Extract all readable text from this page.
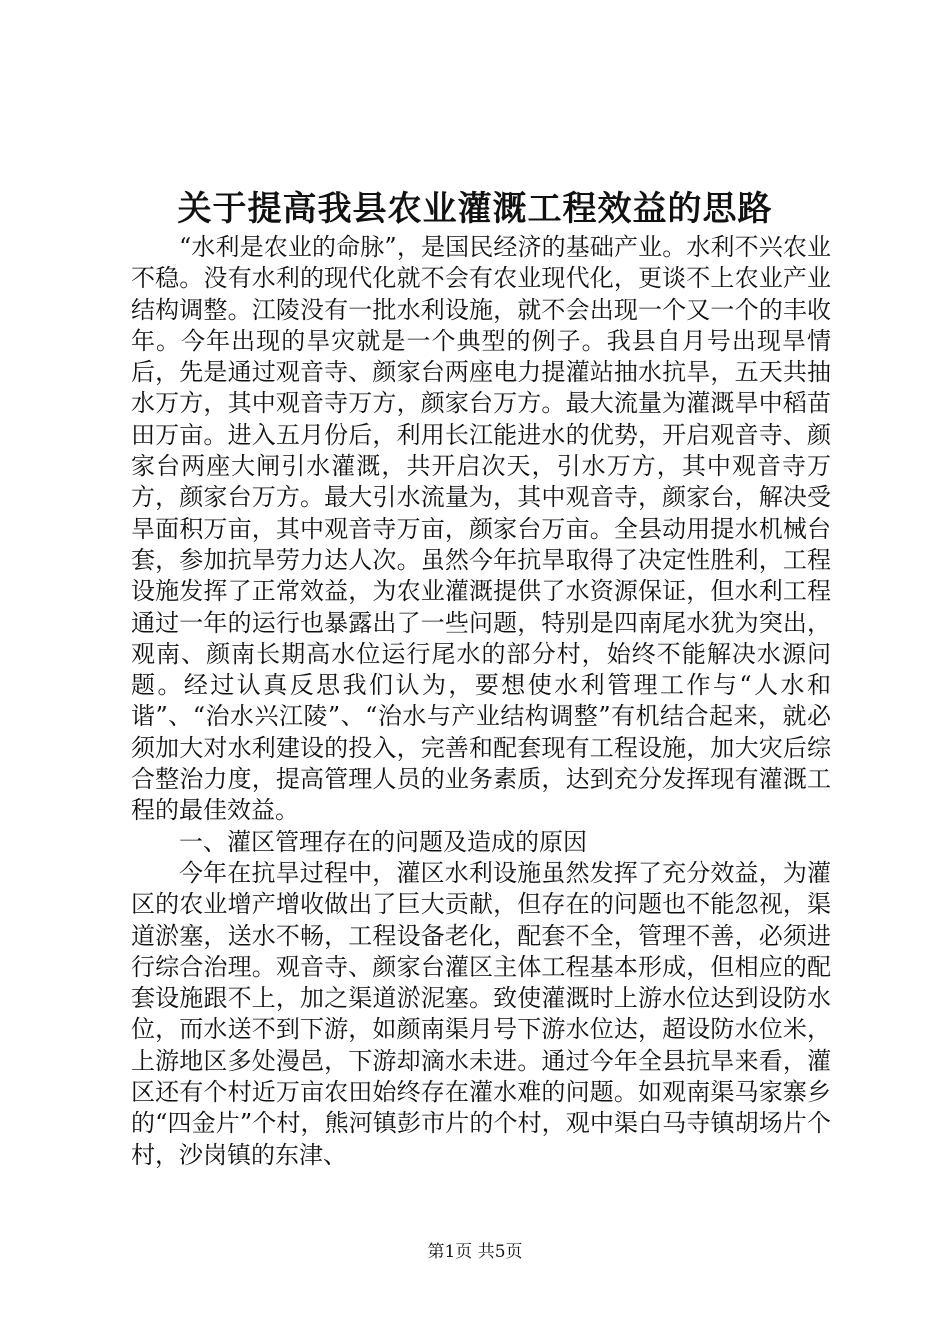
关于提高我县农业灌溉工程效益的思路

“水利是农业的命脉”，是国民经济的基础产业。水利不兴农业不稳。没有水利的现代化就不会有农业现代化，更谈不上农业产业结构调整。江陵没有一批水利设施，就不会出现一个又一个的丰收年。今年出现的旱灾就是一个典型的例子。我县自月号出现旱情后，先是通过观音寺、颜家台两座电力提灌站抽水抗旱，五天共抽水万方，其中观音寺万方，颜家台万方。最大流量为灌溉旱中稻苗田万亩。进入五月份后，利用长江能进水的优势，开启观音寺、颜家台两座大闸引水灌溉，共开启次天，引水万方，其中观音寺万方，颜家台万方。最大引水流量为，其中观音寺，颜家台，解决受旱面积万亩，其中观音寺万亩，颜家台万亩。全县动用提水机械台套，参加抗旱劳力达人次。虽然今年抗旱取得了决定性胜利，工程设施发挥了正常效益，为农业灌溉提供了水资源保证，但水利工程通过一年的运行也暴露出了一些问题，特别是四南尾水犹为突出，观南、颜南长期高水位运行尾水的部分村，始终不能解决水源问题。经过认真反思我们认为，要想使水利管理工作与“人水和谐”、“治水兴江陵”、“治水与产业结构调整”有机结合起来，就必须加大对水利建设的投入，完善和配套现有工程设施，加大灾后综合整治力度，提高管理人员的业务素质，达到充分发挥现有灌溉工程的最佳效益。

一、灌区管理存在的问题及造成的原因

今年在抗旱过程中，灌区水利设施虽然发挥了充分效益，为灌区的农业增产增收做出了巨大贡献，但存在的问题也不能忽视，渠道淤塞，送水不畅，工程设备老化，配套不全，管理不善，必须进行综合治理。观音寺、颜家台灌区主体工程基本形成，但相应的配套设施跟不上，加之渠道淤泥塞。致使灌溉时上游水位达到设防水位，而水送不到下游，如颜南渠月号下游水位达，超设防水位米，上游地区多处漫邑，下游却滴水未进。通过今年全县抗旱来看，灌区还有个村近万亩农田始终存在灌水难的问题。如观南渠马家寨乡的“四金片”个村，熊河镇彭市片的个村，观中渠白马寺镇胡场片个村，沙岗镇的东津、

第1页 共5页
